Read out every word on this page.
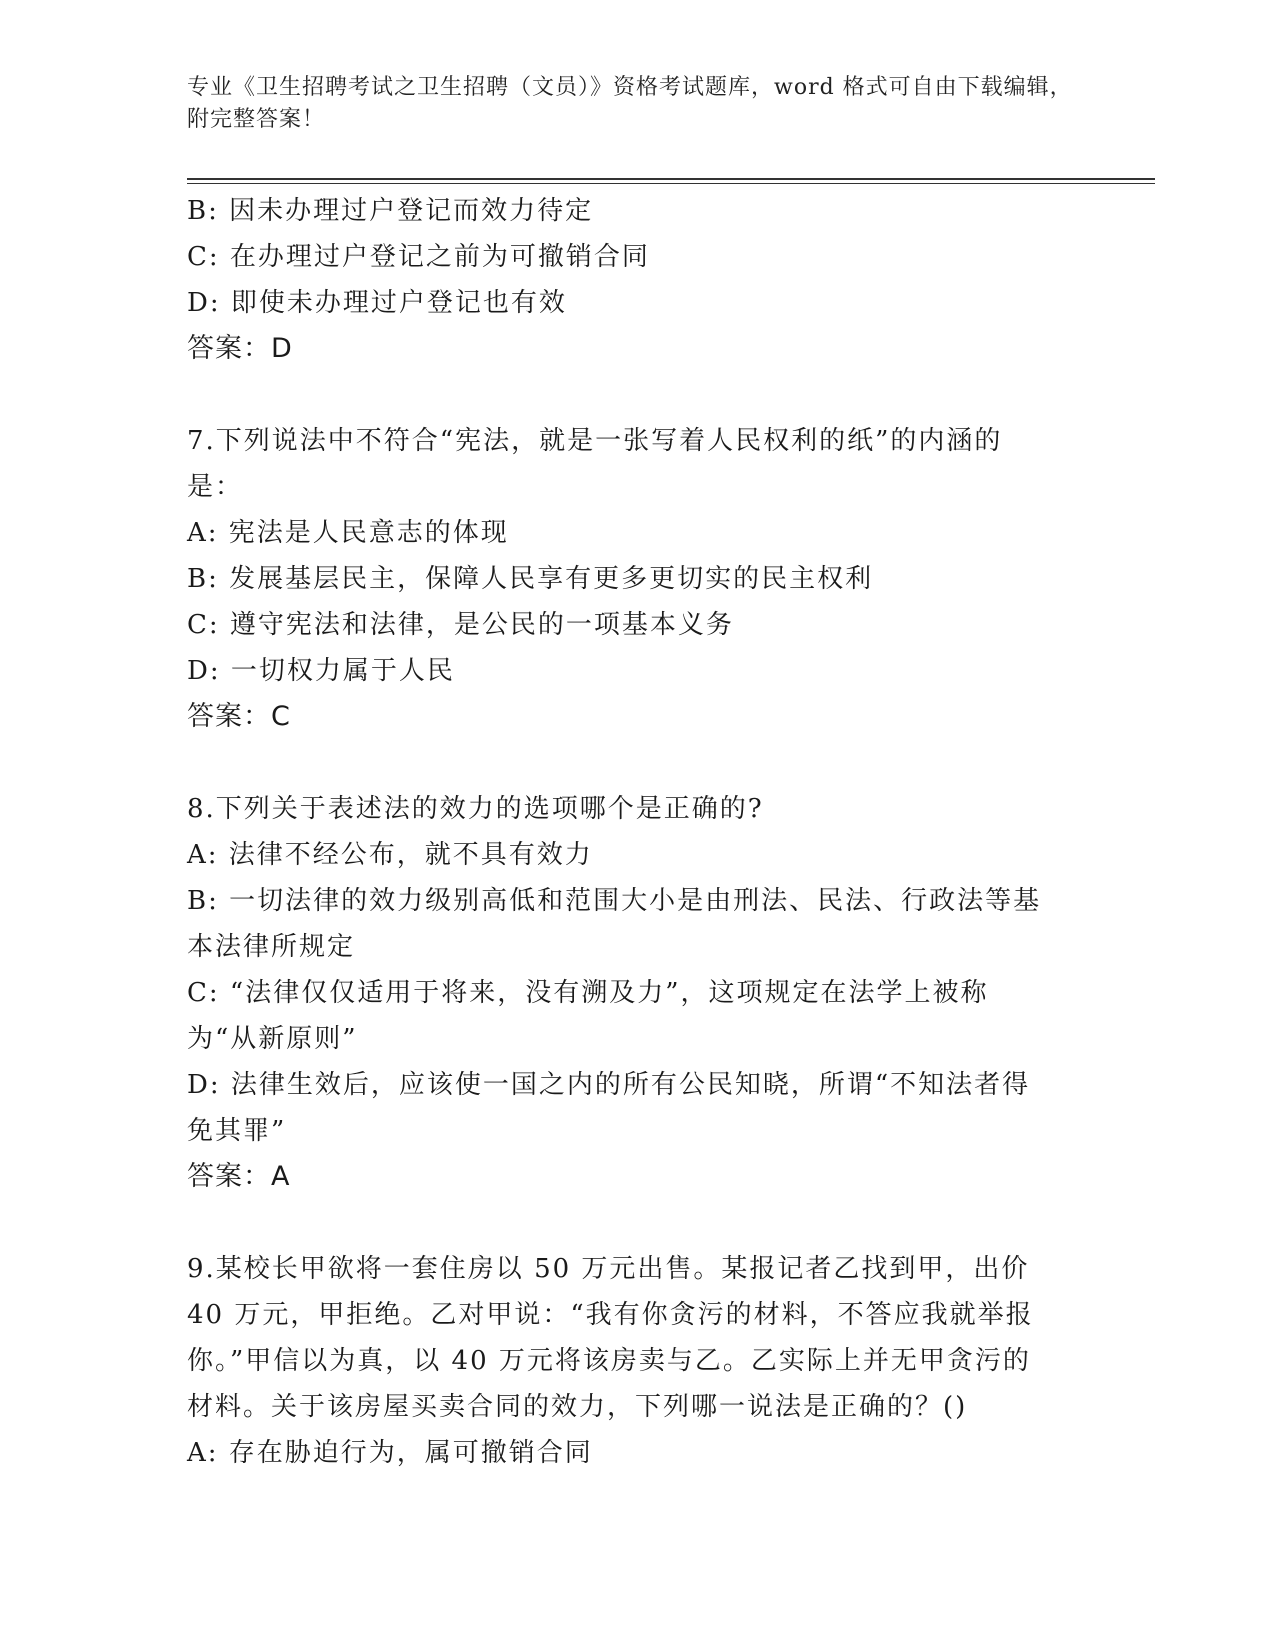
专业《卫生招聘考试之卫生招聘（文员）》资格考试题库，word 格式可自由下载编辑，附完整答案！

B: 因未办理过户登记而效力待定

C: 在办理过户登记之前为可撤销合同

D: 即使未办理过户登记也有效

答案：D

7.下列说法中不符合“宪法，就是一张写着人民权利的纸”的内涵的是：

A: 宪法是人民意志的体现

B: 发展基层民主，保障人民享有更多更切实的民主权利

C: 遵守宪法和法律，是公民的一项基本义务

D: 一切权力属于人民

答案：C

8.下列关于表述法的效力的选项哪个是正确的?

A: 法律不经公布，就不具有效力

B: 一切法律的效力级别高低和范围大小是由刑法、民法、行政法等基本法律所规定

C: “法律仅仅适用于将来，没有溯及力”，这项规定在法学上被称为“从新原则”

D: 法律生效后，应该使一国之内的所有公民知晓，所谓“不知法者得免其罪”

答案：A

9.某校长甲欲将一套住房以 50 万元出售。某报记者乙找到甲，出价 40 万元，甲拒绝。乙对甲说：“我有你贪污的材料，不答应我就举报你。”甲信以为真，以 40 万元将该房卖与乙。乙实际上并无甲贪污的材料。关于该房屋买卖合同的效力，下列哪一说法是正确的？()

A: 存在胁迫行为，属可撤销合同
